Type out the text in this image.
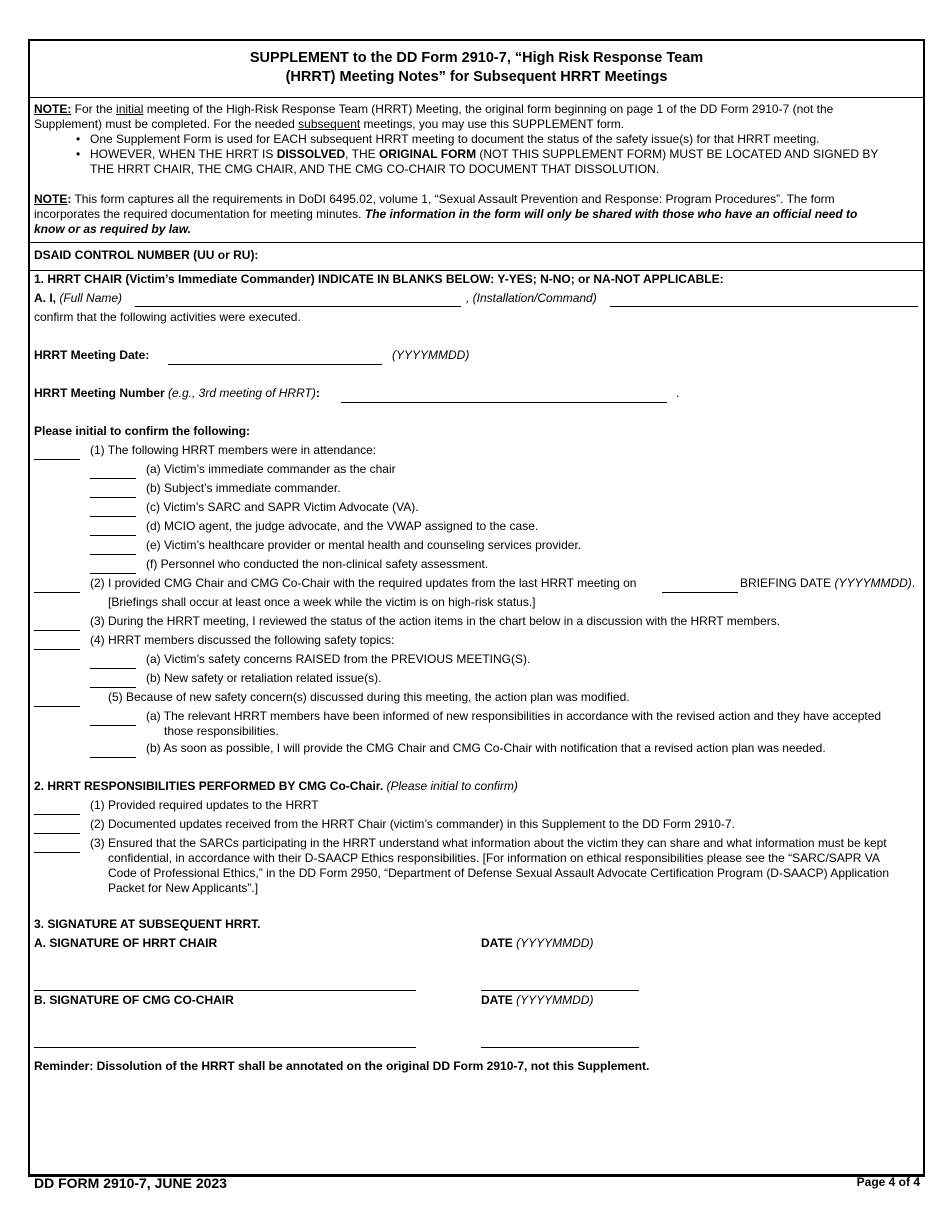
SUPPLEMENT to the DD Form 2910-7, “High Risk Response Team
(HRRT) Meeting Notes” for Subsequent HRRT Meetings
NOTE: For the initial meeting of the High-Risk Response Team (HRRT) Meeting, the original form beginning on page 1 of the DD Form 2910-7 (not the
Supplement) must be completed. For the needed subsequent meetings, you may use this SUPPLEMENT form.
• One Supplement Form is used for EACH subsequent HRRT meeting to document the status of the safety issue(s) for that HRRT meeting.
• HOWEVER, WHEN THE HRRT IS DISSOLVED, THE ORIGINAL FORM (NOT THIS SUPPLEMENT FORM) MUST BE LOCATED AND SIGNED BY
THE HRRT CHAIR, THE CMG CHAIR, AND THE CMG CO-CHAIR TO DOCUMENT THAT DISSOLUTION.
NOTE: This form captures all the requirements in DoDI 6495.02, volume 1, “Sexual Assault Prevention and Response: Program Procedures”. The form
incorporates the required documentation for meeting minutes. The information in the form will only be shared with those who have an official need to
know or as required by law.
DSAID CONTROL NUMBER (UU or RU):
1. HRRT CHAIR (Victim’s Immediate Commander) INDICATE IN BLANKS BELOW: Y-YES; N-NO; or NA-NOT APPLICABLE:
A. I, (Full Name)	, (Installation/Command)
confirm that the following activities were executed.
HRRT Meeting Date:	(YYYYMMDD)
HRRT Meeting Number (e.g., 3rd meeting of HRRT):	.
Please initial to confirm the following:
(1) The following HRRT members were in attendance:
(a) Victim’s immediate commander as the chair
(b) Subject’s immediate commander.
(c) Victim’s SARC and SAPR Victim Advocate (VA).
(d) MCIO agent, the judge advocate, and the VWAP assigned to the case.
(e) Victim’s healthcare provider or mental health and counseling services provider.
(f) Personnel who conducted the non-clinical safety assessment.
(2) I provided CMG Chair and CMG Co-Chair with the required updates from the last HRRT meeting on	BRIEFING DATE (YYYYMMDD).
[Briefings shall occur at least once a week while the victim is on high-risk status.]
(3) During the HRRT meeting, I reviewed the status of the action items in the chart below in a discussion with the HRRT members.
(4) HRRT members discussed the following safety topics:
(a) Victim’s safety concerns RAISED from the PREVIOUS MEETING(S).
(b) New safety or retaliation related issue(s).
(5) Because of new safety concern(s) discussed during this meeting, the action plan was modified.
(a) The relevant HRRT members have been informed of new responsibilities in accordance with the revised action and they have accepted
those responsibilities.
(b) As soon as possible, I will provide the CMG Chair and CMG Co-Chair with notification that a revised action plan was needed.
2. HRRT RESPONSIBILITIES PERFORMED BY CMG Co-Chair. (Please initial to confirm)
(1) Provided required updates to the HRRT
(2) Documented updates received from the HRRT Chair (victim’s commander) in this Supplement to the DD Form 2910-7.
(3) Ensured that the SARCs participating in the HRRT understand what information about the victim they can share and what information must be kept
confidential, in accordance with their D-SAACP Ethics responsibilities. [For information on ethical responsibilities please see the “SARC/SAPR VA
Code of Professional Ethics,” in the DD Form 2950, “Department of Defense Sexual Assault Advocate Certification Program (D-SAACP) Application
Packet for New Applicants”.]
3. SIGNATURE AT SUBSEQUENT HRRT.
A. SIGNATURE OF HRRT CHAIR	DATE (YYYYMMDD)
B. SIGNATURE OF CMG CO-CHAIR	DATE (YYYYMMDD)
Reminder: Dissolution of the HRRT shall be annotated on the original DD Form 2910-7, not this Supplement.
DD FORM 2910-7, JUNE 2023	Page 4 of 4
